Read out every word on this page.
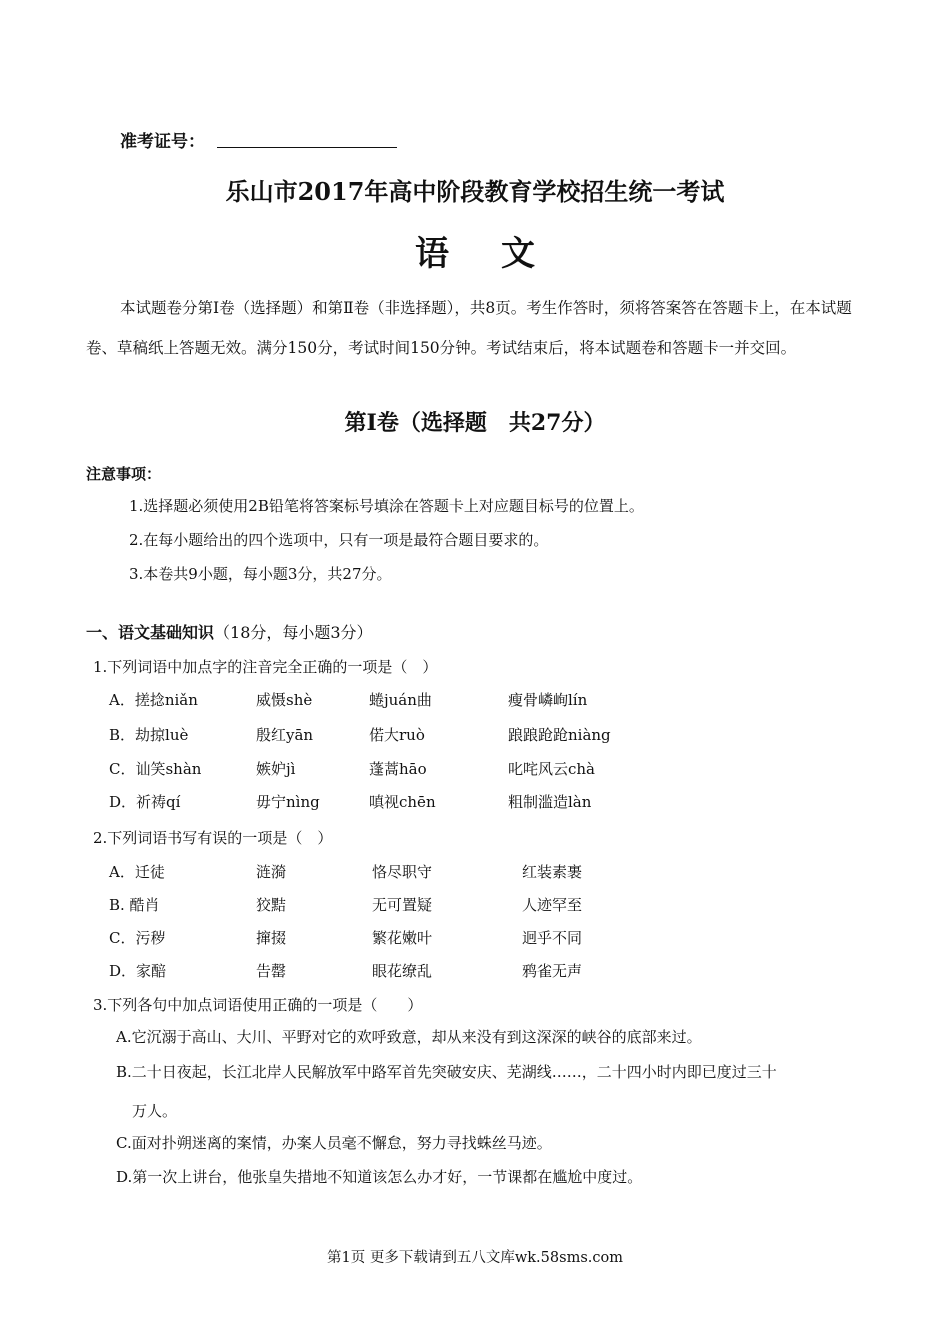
准考证号：
乐山市2017年高中阶段教育学校招生统一考试
语文
本试题卷分第Ⅰ卷（选择题）和第Ⅱ卷（非选择题），共8页。考生作答时，须将答案答在答题卡上，在本试题卷、草稿纸上答题无效。满分150分，考试时间150分钟。考试结束后，将本试题卷和答题卡一并交回。
第Ⅰ卷（选择题　共27分）
注意事项：
1.选择题必须使用2B铅笔将答案标号填涂在答题卡上对应题目标号的位置上。
2.在每小题给出的四个选项中，只有一项是最符合题目要求的。
3.本卷共9小题，每小题3分，共27分。
一、语文基础知识（18分，每小题3分）
1.下列词语中加点字的注音完全正确的一项是（　）
A．搓捻niǎn	威慑shè	蜷juán曲	瘦骨嶙峋lín
B．劫掠luè	殷红yān	偌大ruò	踉踉跄跄niàng
C．讪笑shàn	嫉妒jì	蓬蒿hāo	叱咤风云chà
D．祈祷qí	毋宁nìng	嗔视chēn	粗制滥造làn
2.下列词语书写有误的一项是（　）
A．迁徒	涟漪	恪尽职守	红装素裹
B. 酷肖	狡黠	无可置疑	人迹罕至
C．污秽	撺掇	繁花嫩叶	迥乎不同
D．家醅	告罄	眼花缭乱	鸦雀无声
3.下列各句中加点词语使用正确的一项是（　　）
A.它沉溺于高山、大川、平野对它的欢呼致意，却从来没有到这深深的峡谷的底部来过。
B.二十日夜起，长江北岸人民解放军中路军首先突破安庆、芜湖线……，二十四小时内即已度过三十
万人。
C.面对扑朔迷离的案情，办案人员毫不懈怠，努力寻找蛛丝马迹。
D.第一次上讲台，他张皇失措地不知道该怎么办才好，一节课都在尴尬中度过。
第1页 更多下载请到五八文库wk.58sms.com
